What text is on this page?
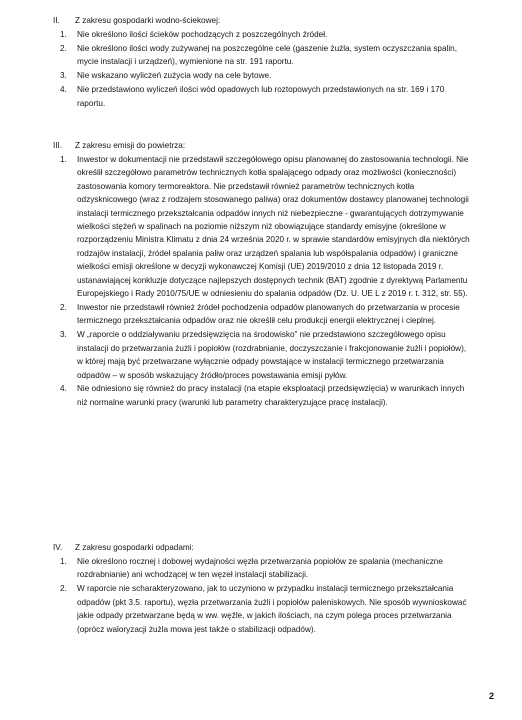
II. Z zakresu gospodarki wodno-ściekowej:
1. Nie określono ilości ścieków pochodzących z poszczególnych źródeł.
2. Nie określono ilości wody zużywanej na poszczególne cele (gaszenie żużla, system oczyszczania spalin, mycie instalacji i urządzeń), wymienione na str. 191 raportu.
3. Nie wskazano wyliczeń zużycia wody na cele bytowe.
4. Nie przedstawiono wyliczeń ilości wód opadowych lub roztopowych przedstawionych na str. 169 i 170 raportu.
III. Z zakresu emisji do powietrza:
1. Inwestor w dokumentacji nie przedstawił szczegółowego opisu planowanej do zastosowania technologii. Nie określił szczegółowo parametrów technicznych kotła spalającego odpady oraz możliwości (konieczności) zastosowania komory termoreaktora. Nie przedstawił również parametrów technicznych kotła odzysknicowego (wraz z rodzajem stosowanego paliwa) oraz dokumentów dostawcy planowanej technologii instalacji termicznego przekształcania odpadów innych niż niebezpieczne - gwarantujących dotrzymywanie wielkości stężeń w spalinach na poziomie niższym niż obowiązujące standardy emisyjne (określone w rozporządzeniu Ministra Klimatu z dnia 24 września 2020 r. w sprawie standardów emisyjnych dla niektórych rodzajów instalacji, źródeł spalania paliw oraz urządzeń spalania lub współspalania odpadów) i graniczne wielkości emisji określone w decyzji wykonawczej Komisji (UE) 2019/2010 z dnia 12 listopada 2019 r. ustanawiającej konkluzje dotyczące najlepszych dostępnych technik (BAT) zgodnie z dyrektywą Parlamentu Europejskiego i Rady 2010/75/UE w odniesieniu do spalania odpadów (Dz. U. UE L z 2019 r. t. 312, str. 55).
2. Inwestor nie przedstawił również źródeł pochodzenia odpadów planowanych do przetwarzania w procesie termicznego przekształcania odpadów oraz nie określił celu produkcji energii elektrycznej i cieplnej.
3. W „raporcie o oddziaływaniu przedsięwzięcia na środowisko” nie przedstawiono szczegółowego opisu instalacji do przetwarzania żużli i popiołów (rozdrabnianie, doczyszczanie i frakcjonowanie żużli i popiołów), w której mają być przetwarzane wyłącznie odpady powstające w instalacji termicznego przetwarzania odpadów – w sposób wskazujący źródło/proces powstawania emisji pyłów.
4. Nie odniesiono się również do pracy instalacji (na etapie eksploatacji przedsięwzięcia) w warunkach innych niż normalne warunki pracy (warunki lub parametry charakteryzujące pracę instalacji).
IV. Z zakresu gospodarki odpadami:
1. Nie określono rocznej i dobowej wydajności węzła przetwarzania popiołów ze spalania (mechaniczne rozdrabnianie) ani wchodzącej w ten węzeł instalacji stabilizacji.
2. W raporcie nie scharakteryzowano, jak to uczyniono w przypadku instalacji termicznego przekształcania odpadów (pkt 3.5. raportu), węzła przetwarzania żużli i popiołów paleniskowych. Nie sposób wywnioskować jakie odpady przetwarzane będą w ww. węźle, w jakich ilościach, na czym polega proces przetwarzania (oprócz waloryzacji żużla mowa jest także o stabilizacji odpadów).
2
